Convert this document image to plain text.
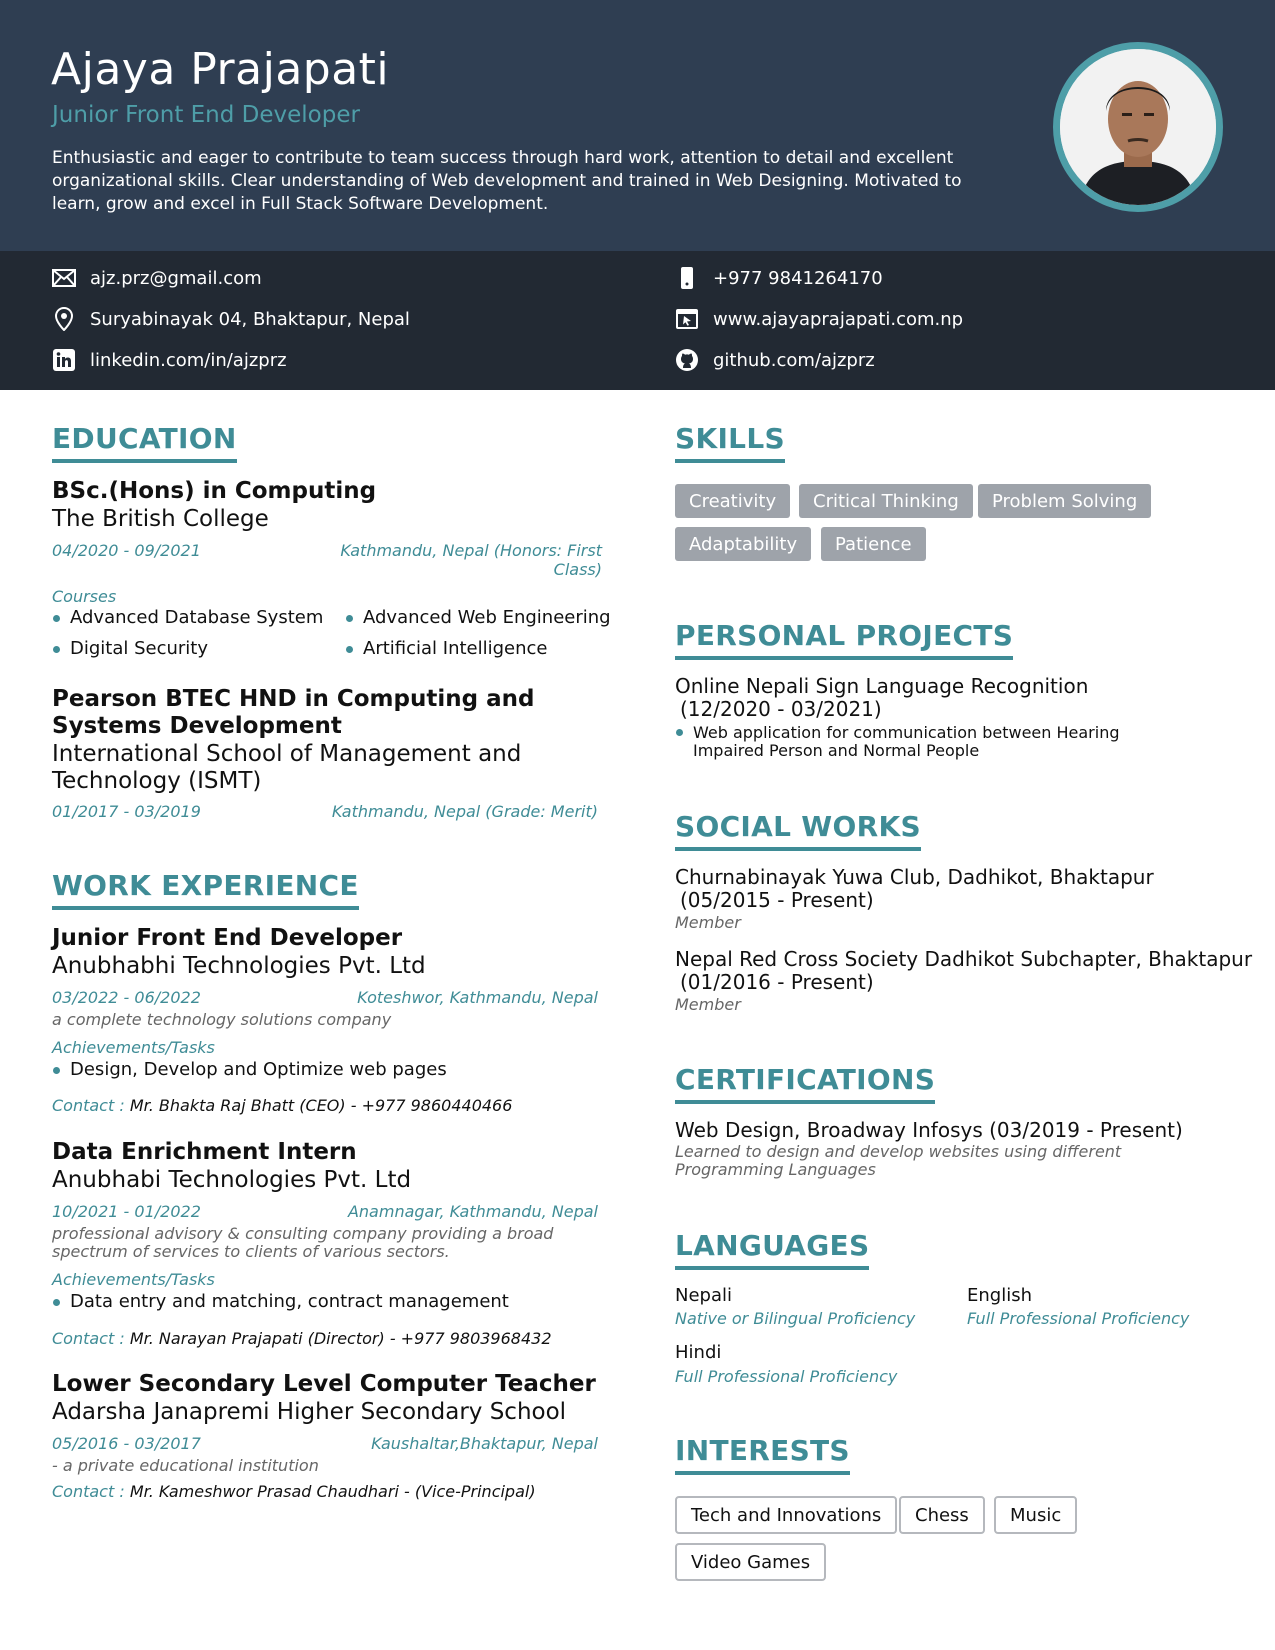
Ajaya Prajapati
Junior Front End Developer
Enthusiastic and eager to contribute to team success through hard work, attention to detail and excellent organizational skills. Clear understanding of Web development and trained in Web Designing. Motivated to learn, grow and excel in Full Stack Software Development.
ajz.prz@gmail.com	+977 9841264170
Suryabinayak 04, Bhaktapur, Nepal	www.ajayaprajapati.com.np
linkedin.com/in/ajzprz	github.com/ajzprz
EDUCATION
BSc.(Hons) in Computing
The British College
04/2020 - 09/2021	Kathmandu, Nepal (Honors: First Class)
Courses
Advanced Database System	Advanced Web Engineering
Digital Security	Artificial Intelligence
Pearson BTEC HND in Computing and Systems Development
International School of Management and Technology (ISMT)
01/2017 - 03/2019	Kathmandu, Nepal (Grade: Merit)
WORK EXPERIENCE
Junior Front End Developer
Anubhabhi Technologies Pvt. Ltd
03/2022 - 06/2022	Koteshwor, Kathmandu, Nepal
a complete technology solutions company
Achievements/Tasks
Design, Develop and Optimize web pages
Contact : Mr. Bhakta Raj Bhatt (CEO) - +977 9860440466
Data Enrichment Intern
Anubhabi Technologies Pvt. Ltd
10/2021 - 01/2022	Anamnagar, Kathmandu, Nepal
professional advisory & consulting company providing a broad spectrum of services to clients of various sectors.
Achievements/Tasks
Data entry and matching, contract management
Contact : Mr. Narayan Prajapati (Director) - +977 9803968432
Lower Secondary Level Computer Teacher
Adarsha Janapremi Higher Secondary School
05/2016 - 03/2017	Kaushaltar,Bhaktapur, Nepal
- a private educational institution
Contact : Mr. Kameshwor Prasad Chaudhari - (Vice-Principal)
SKILLS
Creativity	Critical Thinking	Problem Solving
Adaptability	Patience
PERSONAL PROJECTS
Online Nepali Sign Language Recognition
(12/2020 - 03/2021)
Web application for communication between Hearing Impaired Person and Normal People
SOCIAL WORKS
Churnabinayak Yuwa Club, Dadhikot, Bhaktapur
(05/2015 - Present)
Member
Nepal Red Cross Society Dadhikot Subchapter, Bhaktapur
(01/2016 - Present)
Member
CERTIFICATIONS
Web Design, Broadway Infosys (03/2019 - Present)
Learned to design and develop websites using different Programming Languages
LANGUAGES
Nepali
Native or Bilingual Proficiency
English
Full Professional Proficiency
Hindi
Full Professional Proficiency
INTERESTS
Tech and Innovations	Chess	Music
Video Games
